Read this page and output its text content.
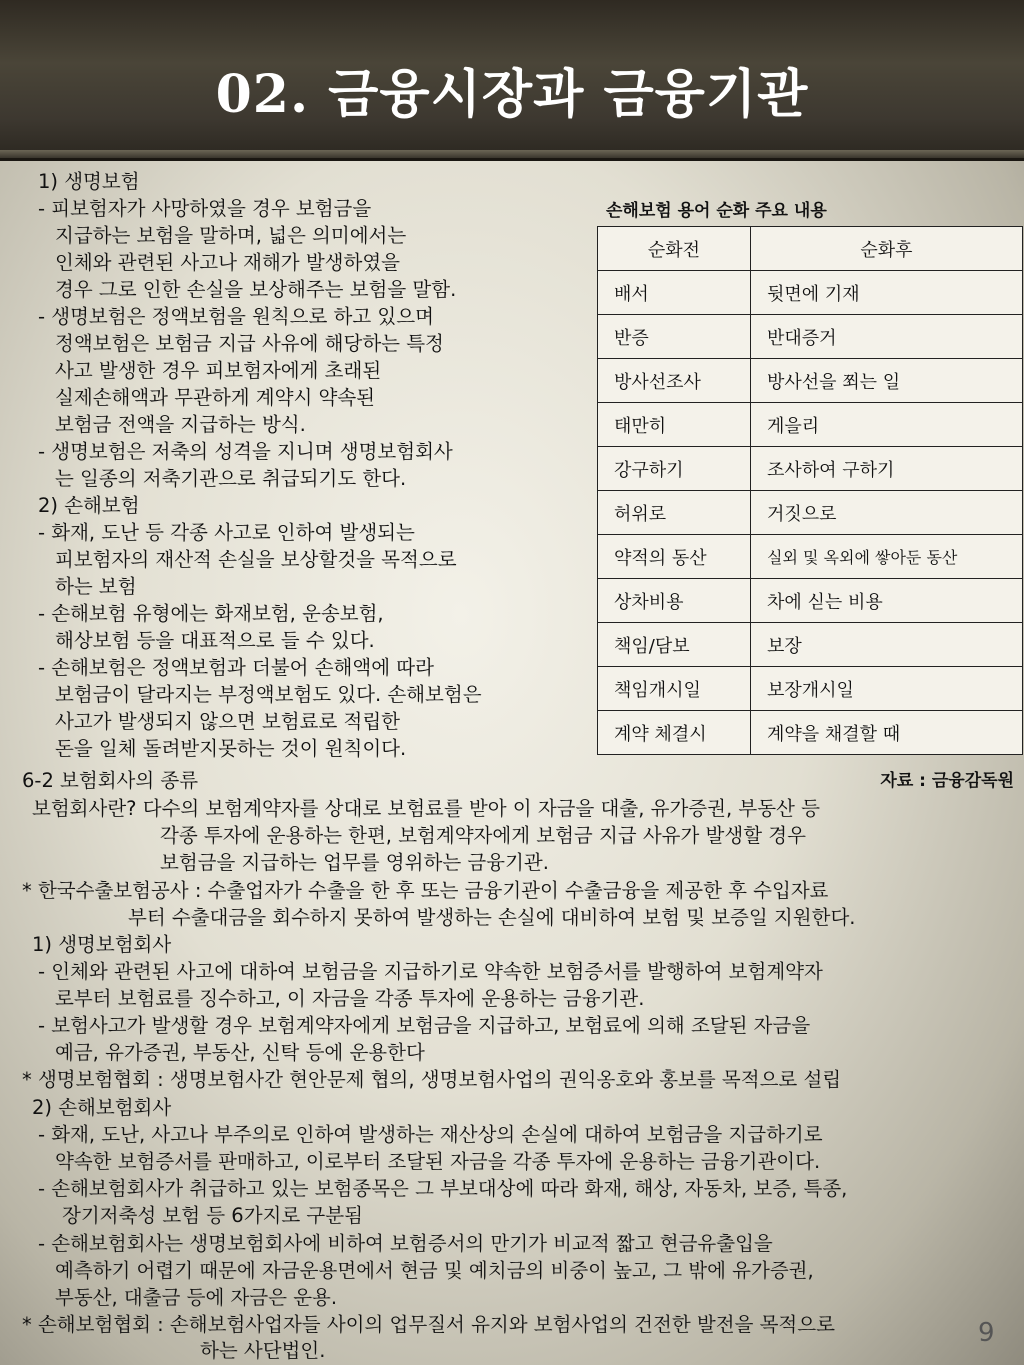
02. 금융시장과 금융기관
1) 생명보험
- 피보험자가 사망하였을 경우 보험금을
지급하는 보험을 말하며, 넓은 의미에서는
인체와 관련된 사고나 재해가 발생하였을
경우 그로 인한 손실을 보상해주는 보험을 말함.
- 생명보험은 정액보험을 원칙으로 하고 있으며
정액보험은 보험금 지급 사유에 해당하는 특정
사고 발생한 경우 피보험자에게 초래된
실제손해액과 무관하게 계약시 약속된
보험금 전액을 지급하는 방식.
- 생명보험은 저축의 성격을 지니며 생명보험회사
는 일종의 저축기관으로 취급되기도 한다.
2) 손해보험
- 화재, 도난 등 각종 사고로 인하여 발생되는
피보험자의 재산적 손실을 보상할것을 목적으로
하는 보험
- 손해보험 유형에는 화재보험, 운송보험,
해상보험 등을 대표적으로 들 수 있다.
- 손해보험은 정액보험과 더불어 손해액에 따라
보험금이 달라지는 부정액보험도 있다. 손해보험은
사고가 발생되지 않으면 보험료로 적립한
돈을 일체 돌려받지못하는 것이 원칙이다.
손해보험 용어 순화 주요 내용
순화전	순화후
배서	뒷면에 기재
반증	반대증거
방사선조사	방사선을 쬐는 일
태만히	게을리
강구하기	조사하여 구하기
허위로	거짓으로
약적의 동산	실외 및 옥외에 쌓아둔 동산
상차비용	차에 싣는 비용
책임/담보	보장
책임개시일	보장개시일
계약 체결시	계약을 채결할 때
자료 : 금융감독원
6-2 보험회사의 종류
보험회사란? 다수의 보험계약자를 상대로 보험료를 받아 이 자금을 대출, 유가증권, 부동산 등
각종 투자에 운용하는 한편, 보험계약자에게 보험금 지급 사유가 발생할 경우
보험금을 지급하는 업무를 영위하는 금융기관.
* 한국수출보험공사 : 수출업자가 수출을 한 후 또는 금융기관이 수출금융을 제공한 후 수입자료
부터 수출대금을 회수하지 못하여 발생하는 손실에 대비하여 보험 및 보증일 지원한다.
1) 생명보험회사
- 인체와 관련된 사고에 대하여 보험금을 지급하기로 약속한 보험증서를 발행하여 보험계약자
로부터 보험료를 징수하고, 이 자금을 각종 투자에 운용하는 금융기관.
- 보험사고가 발생할 경우 보험계약자에게 보험금을 지급하고, 보험료에 의해 조달된 자금을
예금, 유가증권, 부동산, 신탁 등에 운용한다
* 생명보험협회 : 생명보험사간 현안문제 협의, 생명보험사업의 권익옹호와 홍보를 목적으로 설립
2) 손해보험회사
- 화재, 도난, 사고나 부주의로 인하여 발생하는 재산상의 손실에 대하여 보험금을 지급하기로
약속한 보험증서를 판매하고, 이로부터 조달된 자금을 각종 투자에 운용하는 금융기관이다.
- 손해보험회사가 취급하고 있는 보험종목은 그 부보대상에 따라 화재, 해상, 자동차, 보증, 특종,
장기저축성 보험 등 6가지로 구분됨
- 손해보험회사는 생명보험회사에 비하여 보험증서의 만기가 비교적 짧고 현금유출입을
예측하기 어렵기 때문에 자금운용면에서 현금 및 예치금의 비중이 높고, 그 밖에 유가증권,
부동산, 대출금 등에 자금은 운용.
* 손해보험협회 : 손해보험사업자들 사이의 업무질서 유지와 보험사업의 건전한 발전을 목적으로
하는 사단법인.
9
